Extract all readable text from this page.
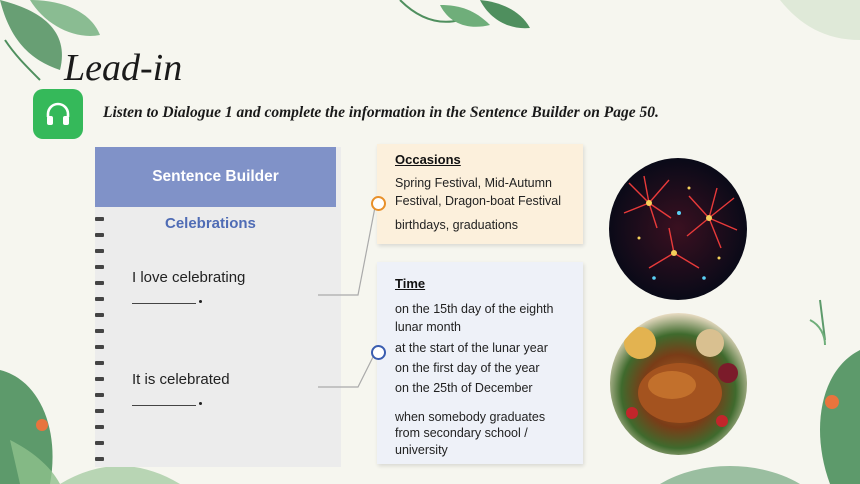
Lead-in
Listen to Dialogue 1 and complete the information in the Sentence Builder on Page 50.
Sentence Builder
Celebrations
I love celebrating
It is celebrated
Occasions
Spring Festival, Mid-Autumn
Festival, Dragon-boat Festival
birthdays, graduations
Time
on the 15th day of the eighth
lunar month
at the start of the lunar year
on the first day of the year
on the 25th of December
when somebody graduates
from secondary school /
university
